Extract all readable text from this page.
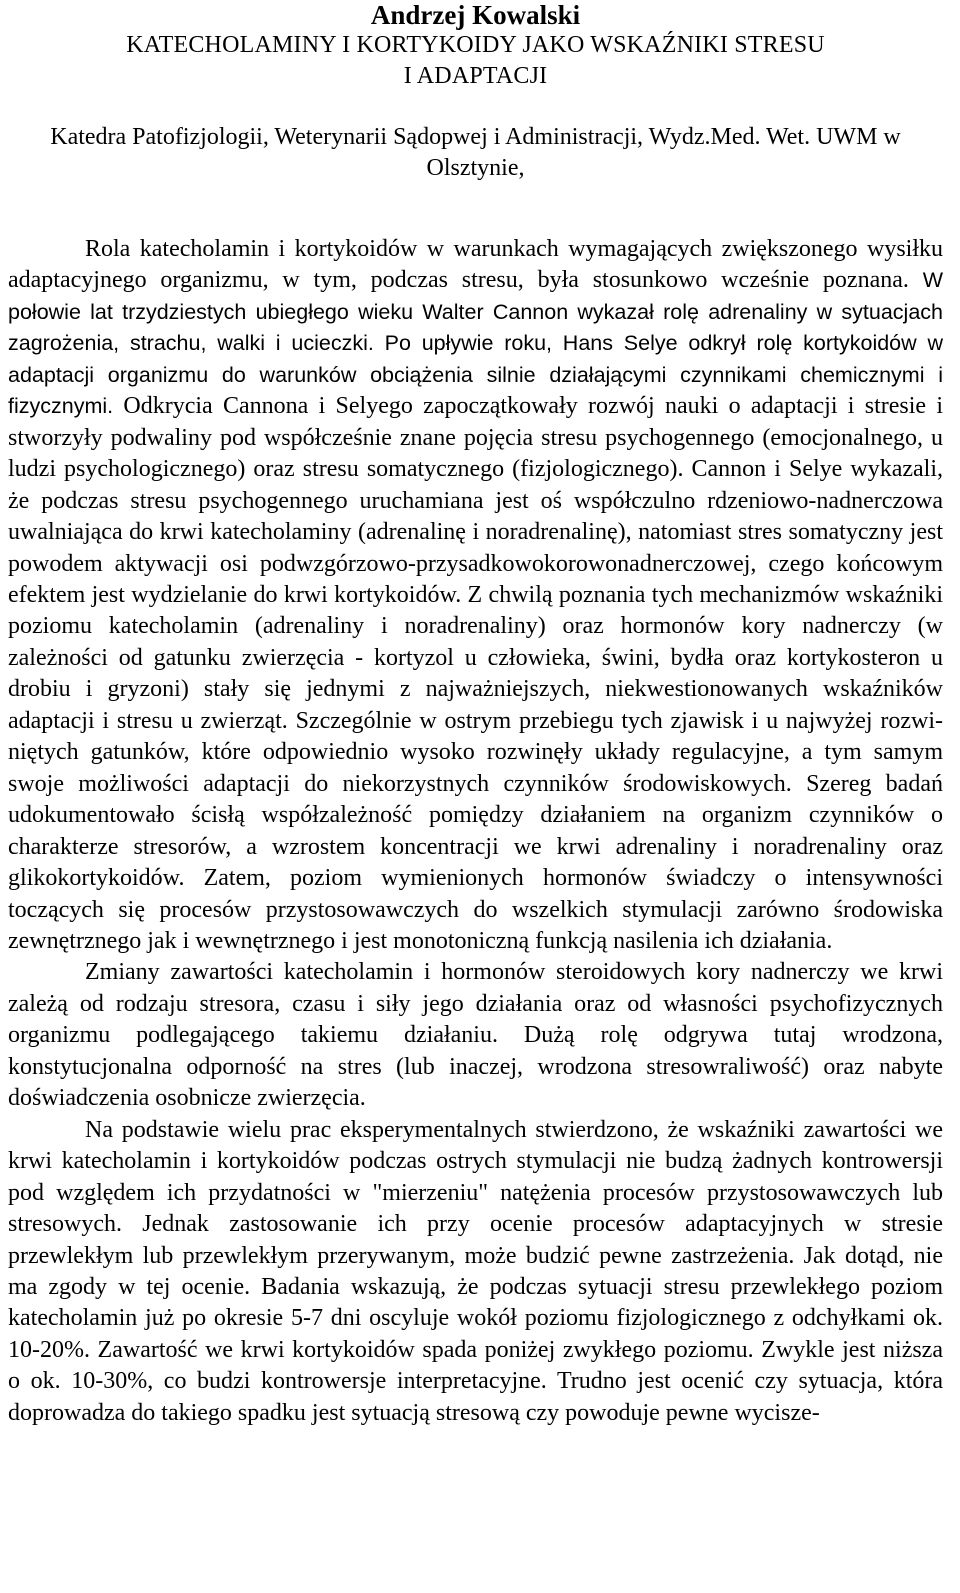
Andrzej Kowalski
KATECHOLAMINY I KORTYKOIDY JAKO WSKAŹNIKI STRESU
I ADAPTACJI
Katedra Patofizjologii, Weterynarii Sądopwej i Administracji, Wydz.Med. Wet. UWM w Olsztynie,

Rola katecholamin i kortykoidów w warunkach wymagających zwiększonego wysiłku adaptacyjnego organizmu, w tym, podczas stresu, była stosunkowo wcześnie poznana. W połowie lat trzydziestych ubiegłego wieku Walter Cannon wykazał rolę adrenaliny w sytuacjach zagrożenia, strachu, walki i ucieczki. Po upływie roku, Hans Selye odkrył rolę kortykoidów w adaptacji organizmu do warunków obciążenia silnie działającymi czynnikami chemicznymi i fizycznymi. Odkrycia Cannona i Selyego zapoczątkowały rozwój nauki o adaptacji i stresie i stworzyły podwaliny pod współcześnie znane pojęcia stresu psychogennego (emocjonalnego, u ludzi psychologicznego) oraz stresu somatycznego (fizjologicznego). Cannon i Selye wykazali, że podczas stresu psychogennego uruchamiana jest oś współczulno rdzeniowo-nadnerczowa uwalniająca do krwi katecholaminy (adrenalinę i noradrenalinę), natomiast stres somatyczny jest powodem aktywacji osi podwzgórzowo-przysadkowokorowonadnerczowej, czego końcowym efektem jest wydzielanie do krwi kortykoidów. Z chwilą poznania tych mechanizmów wskaźniki poziomu katecholamin (adrenaliny i noradrenaliny) oraz hormonów kory nadnerczy (w zależności od gatunku zwierzęcia - kortyzol u człowieka, świni, bydła oraz kortykosteron u drobiu i gryzoni) stały się jednymi z najważniejszych, niekwestionowanych wskaźników adaptacji i stresu u zwierząt. Szczególnie w ostrym przebiegu tych zjawisk i u najwyżej rozwiniętych gatunków, które odpowiednio wysoko rozwinęły układy regulacyjne, a tym samym swoje możliwości adaptacji do niekorzystnych czynników środowiskowych. Szereg badań udokumentowało ścisłą współzależność pomiędzy działaniem na organizm czynników o charakterze stresorów, a wzrostem koncentracji we krwi adrenaliny i noradrenaliny oraz glikokortykoidów. Zatem, poziom wymienionych hormonów świadczy o intensywności toczących się procesów przystosowawczych do wszelkich stymulacji zarówno środowiska zewnętrznego jak i wewnętrznego i jest monotoniczną funkcją nasilenia ich działania.

Zmiany zawartości katecholamin i hormonów steroidowych kory nadnerczy we krwi zależą od rodzaju stresora, czasu i siły jego działania oraz od własności psychofizycznych organizmu podlegającego takiemu działaniu. Dużą rolę odgrywa tutaj wrodzona, konstytucjonalna odporność na stres (lub inaczej, wrodzona stresowraliwość) oraz nabyte doświadczenia osobnicze zwierzęcia.

Na podstawie wielu prac eksperymentalnych stwierdzono, że wskaźniki zawartości we krwi katecholamin i kortykoidów podczas ostrych stymulacji nie budzą żadnych kontrowersji pod względem ich przydatności w "mierzeniu" natężenia procesów przystosowawczych lub stresowych. Jednak zastosowanie ich przy ocenie procesów adaptacyjnych w stresie przewlekłym lub przewlekłym przerywanym, może budzić pewne zastrzeżenia. Jak dotąd, nie ma zgody w tej ocenie. Badania wskazują, że podczas sytuacji stresu przewlekłego poziom katecholamin już po okresie 5-7 dni oscyluje wokół poziomu fizjologicznego z odchyłkami ok. 10-20%. Zawartość we krwi kortykoidów spada poniżej zwykłego poziomu. Zwykle jest niższa o ok. 10-30%, co budzi kontrowersje interpretacyjne. Trudno jest ocenić czy sytuacja, która doprowadza do takiego spadku jest sytuacją stresową czy powoduje pewne wycisze-
